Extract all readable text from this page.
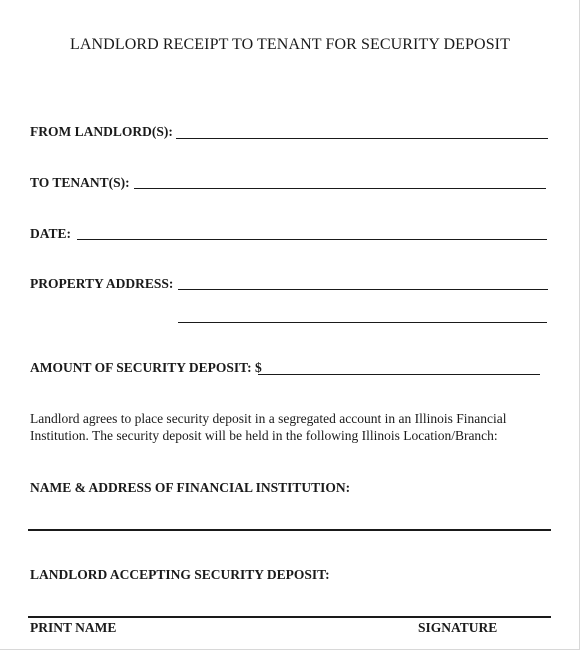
LANDLORD RECEIPT TO TENANT FOR SECURITY DEPOSIT
FROM LANDLORD(S):
TO TENANT(S):
DATE:
PROPERTY ADDRESS:
AMOUNT OF SECURITY DEPOSIT: $
Landlord agrees to place security deposit in a segregated account in an Illinois Financial Institution. The security deposit will be held in the following Illinois Location/Branch:
NAME & ADDRESS OF FINANCIAL INSTITUTION:
LANDLORD ACCEPTING SECURITY DEPOSIT:
PRINT NAME	SIGNATURE
